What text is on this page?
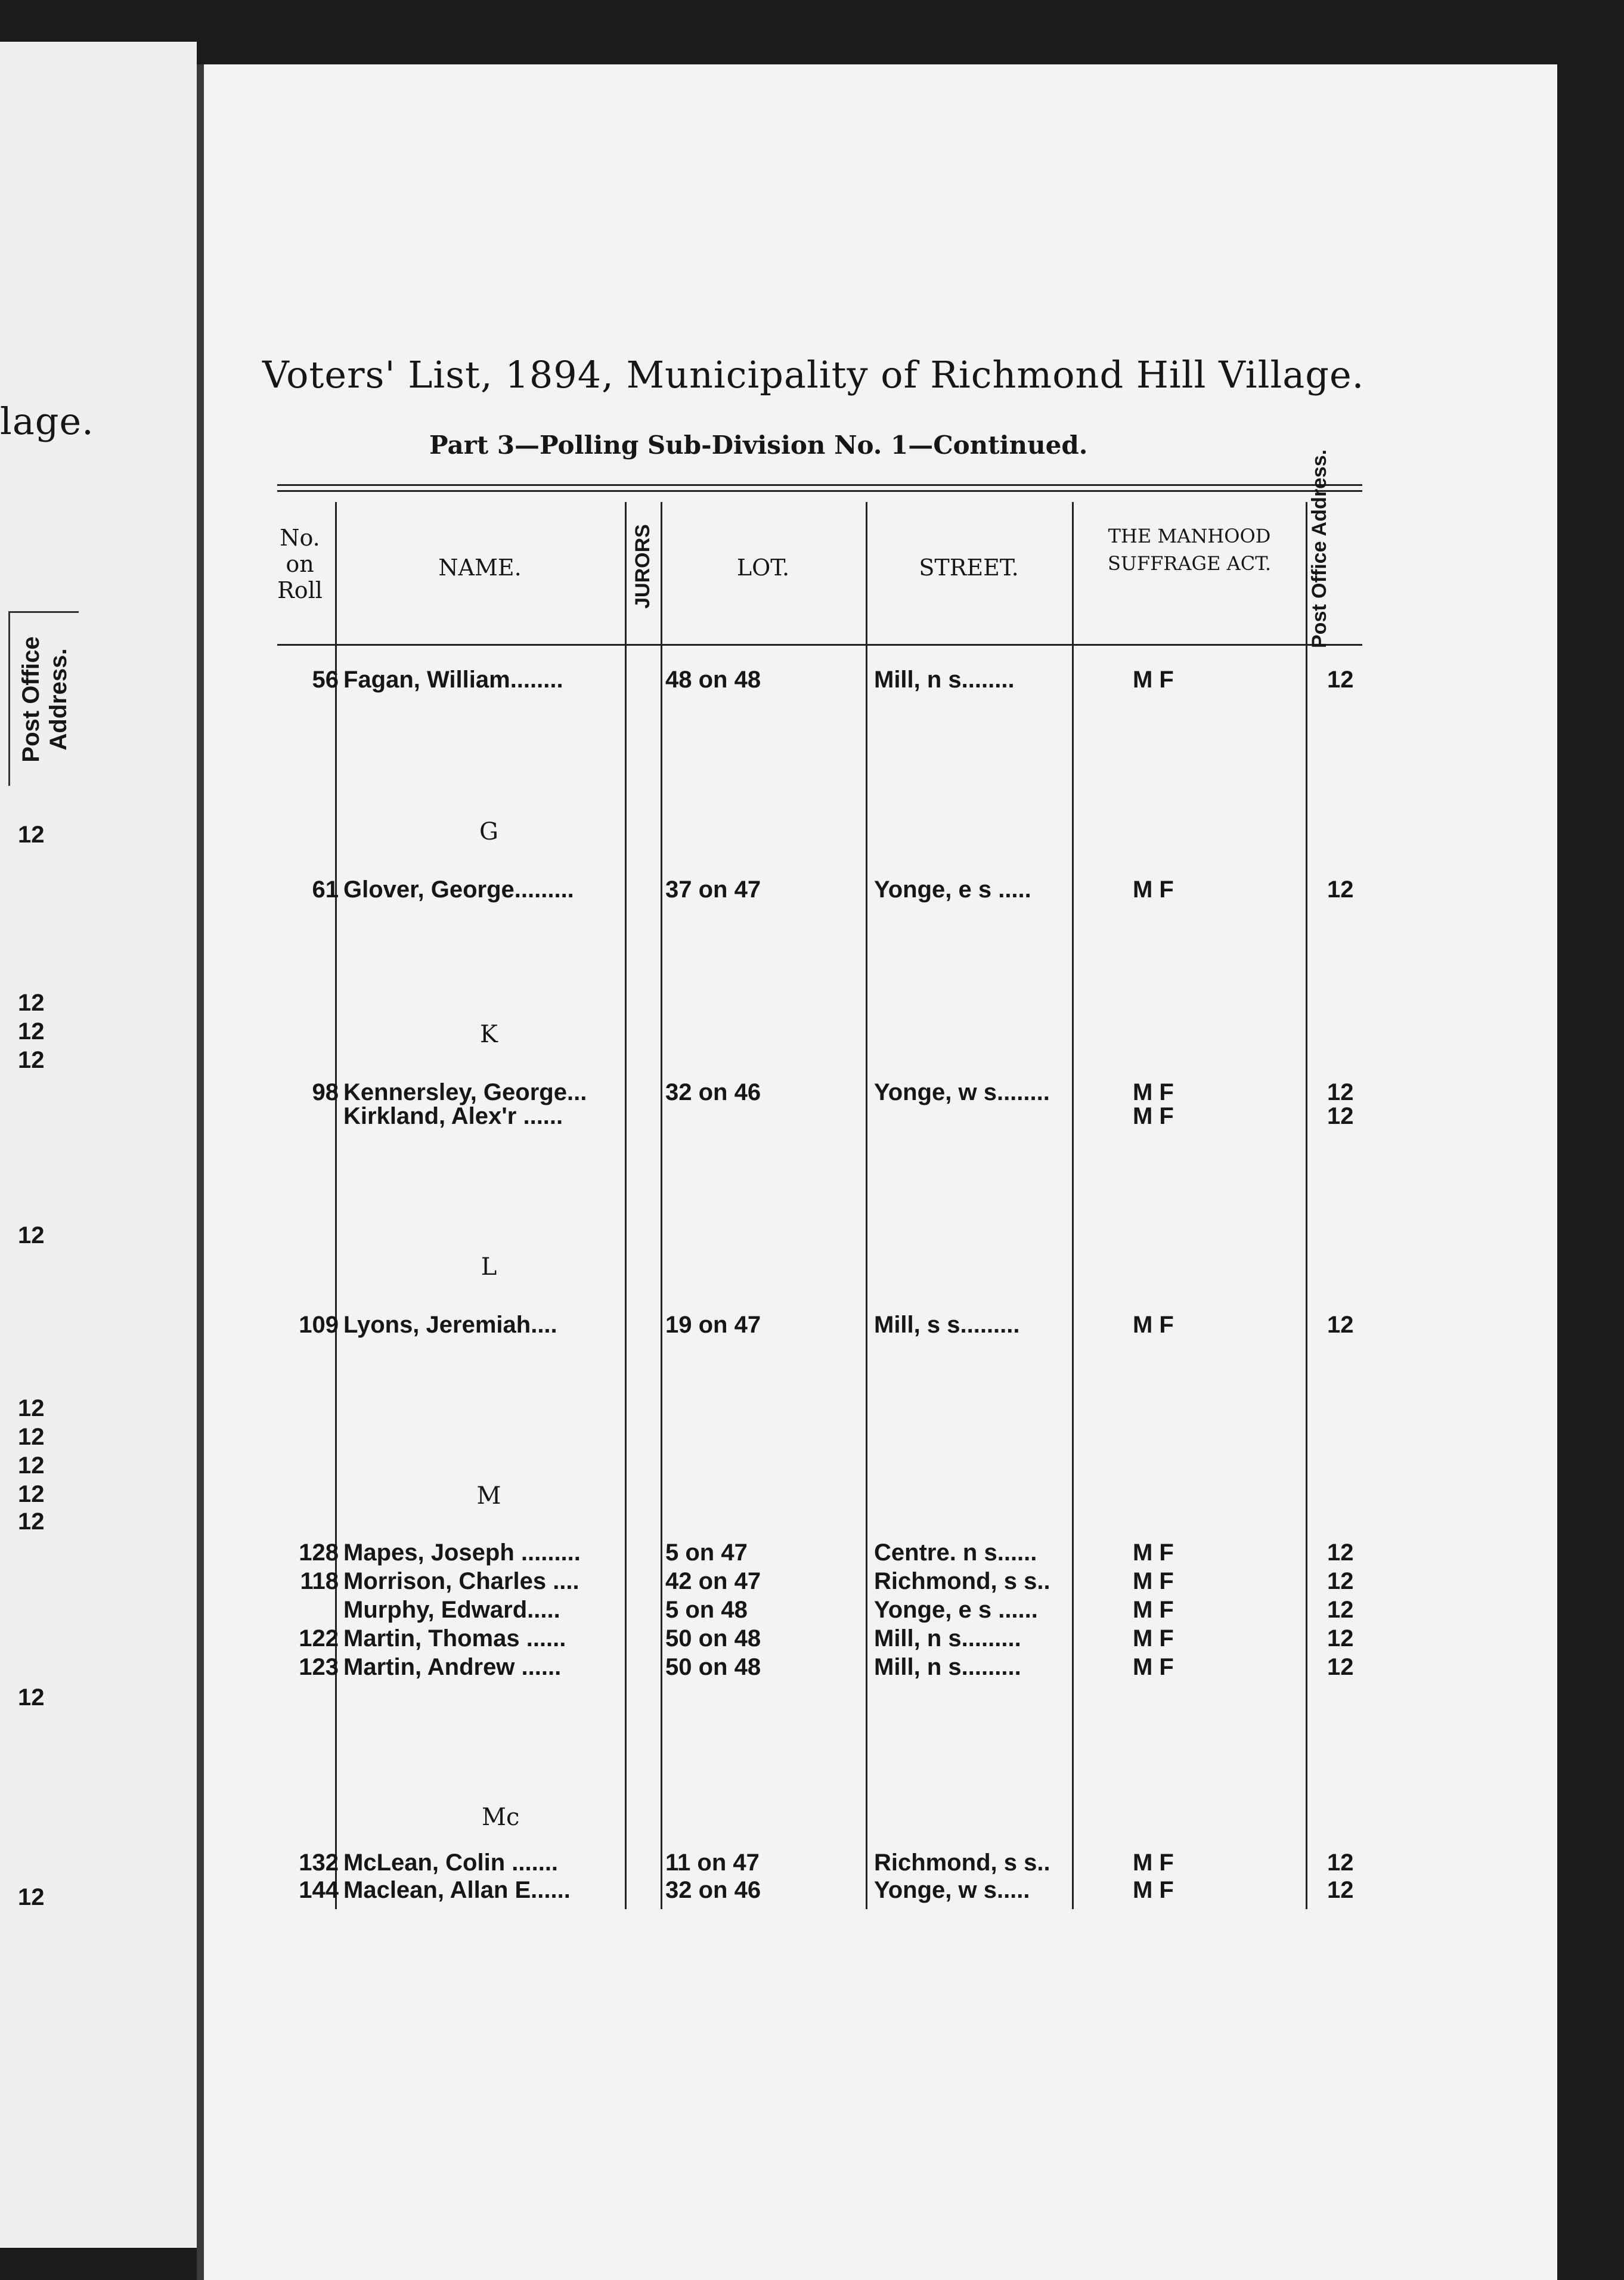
lage.
Post Office Address.
12
12
12
12
12
12
12
12
12
12
12
12
Voters' List, 1894, Municipality of Richmond Hill Village.
Part 3—Polling Sub-Division No. 1—Continued.
No. on Roll
NAME.	JURORS	LOT.	STREET.
THE MANHOOD SUFFRAGE ACT.	Post Office Address.
56 Fagan, William........	48 on 48	Mill, n s........	M F	12
G
61 Glover, George.........	37 on 47	Yonge, e s .....	M F	12
K
98 Kennersley, George...	32 on 46	Yonge, w s........	M F	12
Kirkland, Alex'r ......	M F	12
L
109 Lyons, Jeremiah....	19 on 47	Mill, s s.........	M F	12
M
128 Mapes, Joseph .........	5 on 47	Centre. n s......	M F	12
118 Morrison, Charles ....	42 on 47	Richmond, s s..	M F	12
Murphy, Edward.....	5 on 48	Yonge, e s ......	M F	12
122 Martin, Thomas ......	50 on 48	Mill, n s.........	M F	12
123 Martin, Andrew ......	50 on 48	Mill, n s.........	M F	12
Mc
132 McLean, Colin .......	11 on 47	Richmond, s s..	M F	12
144 Maclean, Allan E......	32 on 46	Yonge, w s.....	M F	12
